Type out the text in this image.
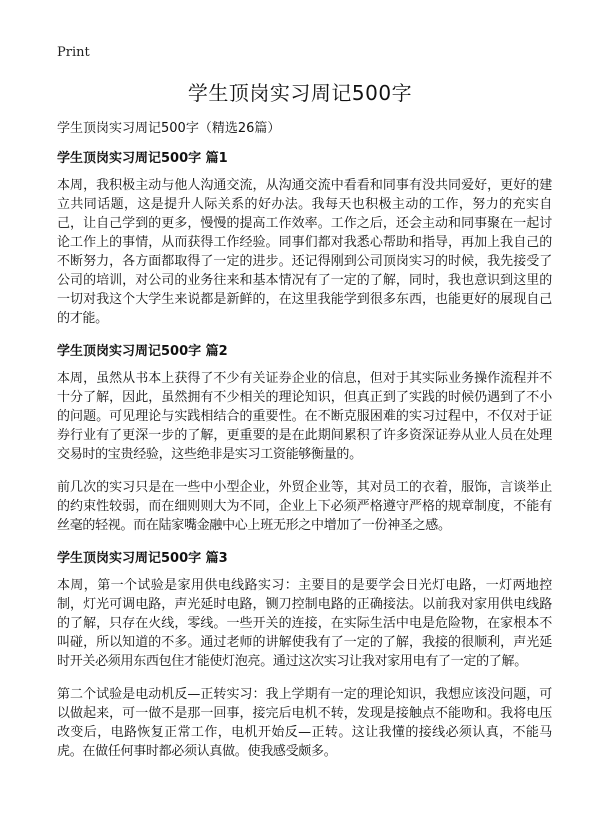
Print
学生顶岗实习周记500字

学生顶岗实习周记500字（精选26篇）

学生顶岗实习周记500字 篇1

本周，我积极主动与他人沟通交流，从沟通交流中看看和同事有没共同爱好，更好的建立共同话题，这是提升人际关系的好办法。我每天也积极主动的工作，努力的充实自己，让自己学到的更多，慢慢的提高工作效率。工作之后，还会主动和同事聚在一起讨论工作上的事情，从而获得工作经验。同事们都对我悉心帮助和指导，再加上我自己的不断努力，各方面都取得了一定的进步。还记得刚到公司顶岗实习的时候，我先接受了公司的培训，对公司的业务往来和基本情况有了一定的了解，同时，我也意识到这里的一切对我这个大学生来说都是新鲜的，在这里我能学到很多东西，也能更好的展现自己的才能。

学生顶岗实习周记500字 篇2

本周，虽然从书本上获得了不少有关证券企业的信息，但对于其实际业务操作流程并不十分了解，因此，虽然拥有不少相关的理论知识，但真正到了实践的时候仍遇到了不小的问题。可见理论与实践相结合的重要性。在不断克服困难的实习过程中，不仅对于证券行业有了更深一步的了解，更重要的是在此期间累积了许多资深证券从业人员在处理交易时的宝贵经验，这些绝非是实习工资能够衡量的。

前几次的实习只是在一些中小型企业，外贸企业等，其对员工的衣着，服饰，言谈举止的约束性较弱，而在细则则大为不同，企业上下必须严格遵守严格的规章制度，不能有丝毫的轻视。而在陆家嘴金融中心上班无形之中增加了一份神圣之感。

学生顶岗实习周记500字 篇3

本周，第一个试验是家用供电线路实习：主要目的是要学会日光灯电路，一灯两地控制，灯光可调电路，声光延时电路，铡刀控制电路的正确接法。以前我对家用供电线路的了解，只存在火线，零线。一些开关的连接，在实际生活中电是危险物，在家根本不叫碰，所以知道的不多。通过老师的讲解使我有了一定的了解，我接的很顺利，声光延时开关必须用东西包住才能使灯泡亮。通过这次实习让我对家用电有了一定的了解。

第二个试验是电动机反—正转实习：我上学期有一定的理论知识，我想应该没问题，可以做起来，可一做不是那一回事，接完后电机不转，发现是接触点不能吻和。我将电压改变后，电路恢复正常工作，电机开始反—正转。这让我懂的接线必须认真，不能马虎。在做任何事时都必须认真做。使我感受颇多。
